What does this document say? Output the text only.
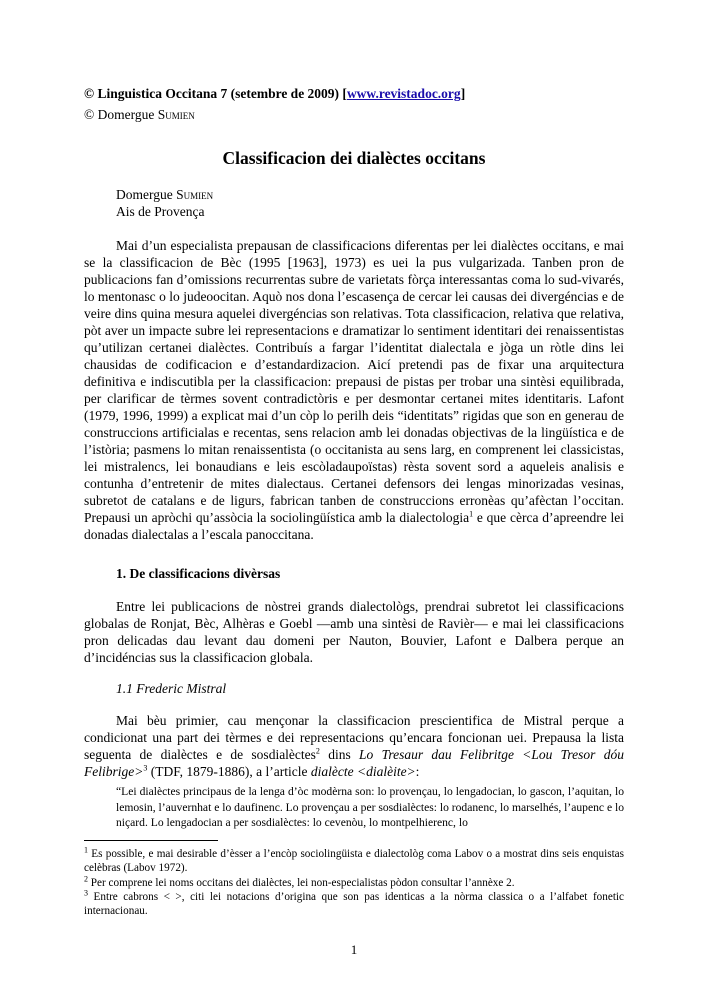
© Linguistica Occitana 7 (setembre de 2009) [www.revistadoc.org]
© Domergue Sumien
Classificacion dei dialèctes occitans
Domergue Sumien
Ais de Provença

Mai d’un especialista prepausan de classificacions diferentas per lei dialèctes occitans, e mai se la classificacion de Bèc (1995 [1963], 1973) es uei la pus vulgarizada. Tanben pron de publicacions fan d’omissions recurrentas subre de varietats fòrça interessantas coma lo sud-vivarés, lo mentonasc o lo judeoocitan. Aquò nos dona l’escasença de cercar lei causas dei divergéncias e de veire dins quina mesura aquelei divergéncias son relativas. Tota classificacion, relativa que relativa, pòt aver un impacte subre lei representacions e dramatizar lo sentiment identitari dei renaissentistas qu’utilizan certanei dialèctes. Contribuís a fargar l’identitat dialectala e jòga un ròtle dins lei chausidas de codificacion e d’estandardizacion. Aicí pretendi pas de fixar una arquitectura definitiva e indiscutibla per la classificacion: prepausi de pistas per trobar una sintèsi equilibrada, per clarificar de tèrmes sovent contradictòris e per desmontar certanei mites identitaris. Lafont (1979, 1996, 1999) a explicat mai d’un còp lo perilh deis “identitats” rigidas que son en generau de construccions artificialas e recentas, sens relacion amb lei donadas objectivas de la lingüística e de l’istòria; pasmens lo mitan renaissentista (o occitanista au sens larg, en comprenent lei classicistas, lei mistralencs, lei bonaudians e leis escòladaupoïstas) rèsta sovent sord a aqueleis analisis e contunha d’entretenir de mites dialectaus. Certanei defensors dei lengas minorizadas vesinas, subretot de catalans e de ligurs, fabrican tanben de construccions erronèas qu’afèctan l’occitan. Prepausi un apròchi qu’assòcia la sociolingüística amb la dialectologia$^1$ e que cèrca d’apreendre lei donadas dialectalas a l’escala panoccitana.

1. De classificacions divèrsas

Entre lei publicacions de nòstrei grands dialectològs, prendrai subretot lei classificacions globalas de Ronjat, Bèc, Alhèras e Goebl —amb una sintèsi de Ravièr— e mai lei classificacions pron delicadas dau levant dau domeni per Nauton, Bouvier, Lafont e Dalbera perque an d’incidéncias sus la classificacion globala.

1.1 Frederic Mistral

Mai bèu primier, cau mençonar la classificacion prescientifica de Mistral perque a condicionat una part dei tèrmes e dei representacions qu’encara foncionan uei. Prepausa la lista seguenta de dialèctes e de sosdialèctes$^2$ dins Lo Tresaur dau Felibritge <Lou Tresor dóu Felibrige>$^3$ (TDF, 1879-1886), a l’article dialècte <dialèite>:

“Lei dialèctes principaus de la lenga d’òc modèrna son: lo provençau, lo lengadocian, lo gascon, l’aquitan, lo lemosin, l’auvernhat e lo daufinenc. Lo provençau a per sosdialèctes: lo rodanenc, lo marselhés, l’aupenc e lo niçard. Lo lengadocian a per sosdialèctes: lo cevenòu, lo montpelhierenc, lo

$^1$ Es possible, e mai desirable d’èsser a l’encòp sociolingüista e dialectològ coma Labov o a mostrat dins seis enquistas celèbras (Labov 1972).

$^2$ Per comprene lei noms occitans dei dialèctes, lei non-especialistas pòdon consultar l’annèxe 2.

$^3$ Entre cabrons < >, citi lei notacions d’origina que son pas identicas a la nòrma classica o a l’alfabet fonetic internacionau.

1
